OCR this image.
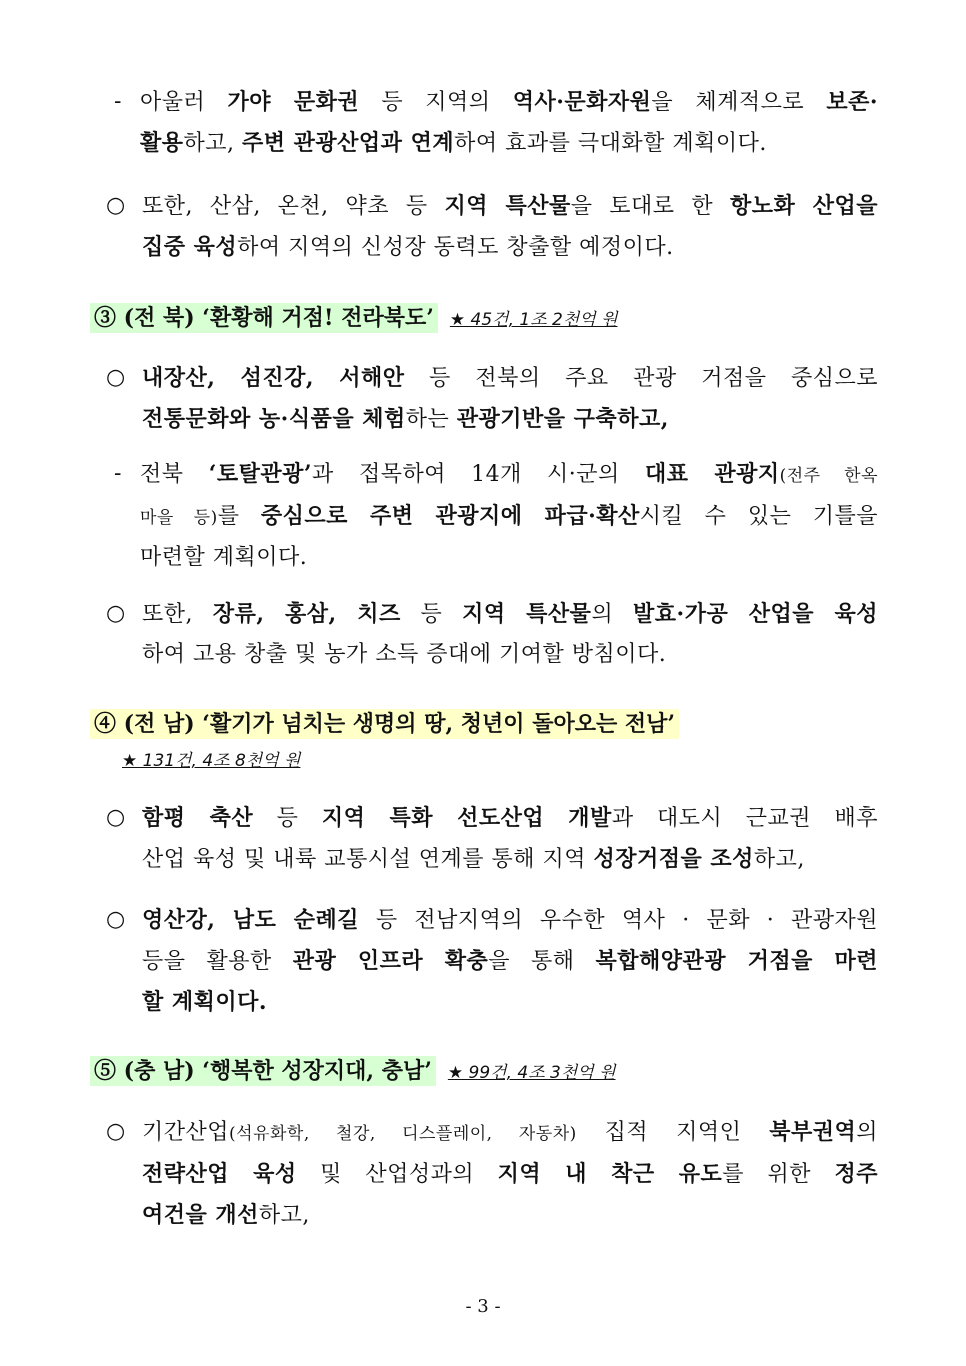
- 아울러 가야 문화권 등 지역의 역사·문화자원을 체계적으로 보존·
활용하고, 주변 관광산업과 연계하여 효과를 극대화할 계획이다.
○ 또한, 산삼, 온천, 약초 등 지역 특산물을 토대로 한 항노화 산업을
집중 육성하여 지역의 신성장 동력도 창출할 예정이다.
③ (전 북) ‘환황해 거점! 전라북도’ ★ 45건, 1조 2천억 원
○ 내장산, 섬진강, 서해안 등 전북의 주요 관광 거점을 중심으로
전통문화와 농·식품을 체험하는 관광기반을 구축하고,
- 전북 ‘토탈관광’과 접목하여 14개 시·군의 대표 관광지(전주 한옥
마을 등)를 중심으로 주변 관광지에 파급·확산시킬 수 있는 기틀을
마련할 계획이다.
○ 또한, 장류, 홍삼, 치즈 등 지역 특산물의 발효·가공 산업을 육성
하여 고용 창출 및 농가 소득 증대에 기여할 방침이다.
④ (전 남) ‘활기가 넘치는 생명의 땅, 청년이 돌아오는 전남’
★ 131건, 4조 8천억 원
○ 함평 축산 등 지역 특화 선도산업 개발과 대도시 근교권 배후
산업 육성 및 내륙 교통시설 연계를 통해 지역 성장거점을 조성하고,
○ 영산강, 남도 순례길 등 전남지역의 우수한 역사 · 문화 · 관광자원
등을 활용한 관광 인프라 확충을 통해 복합해양관광 거점을 마련
할 계획이다.
⑤ (충 남) ‘행복한 성장지대, 충남’ ★ 99건, 4조 3천억 원
○ 기간산업(석유화학, 철강, 디스플레이, 자동차) 집적 지역인 북부권역의
전략산업 육성 및 산업성과의 지역 내 착근 유도를 위한 정주
여건을 개선하고,
- 3 -
